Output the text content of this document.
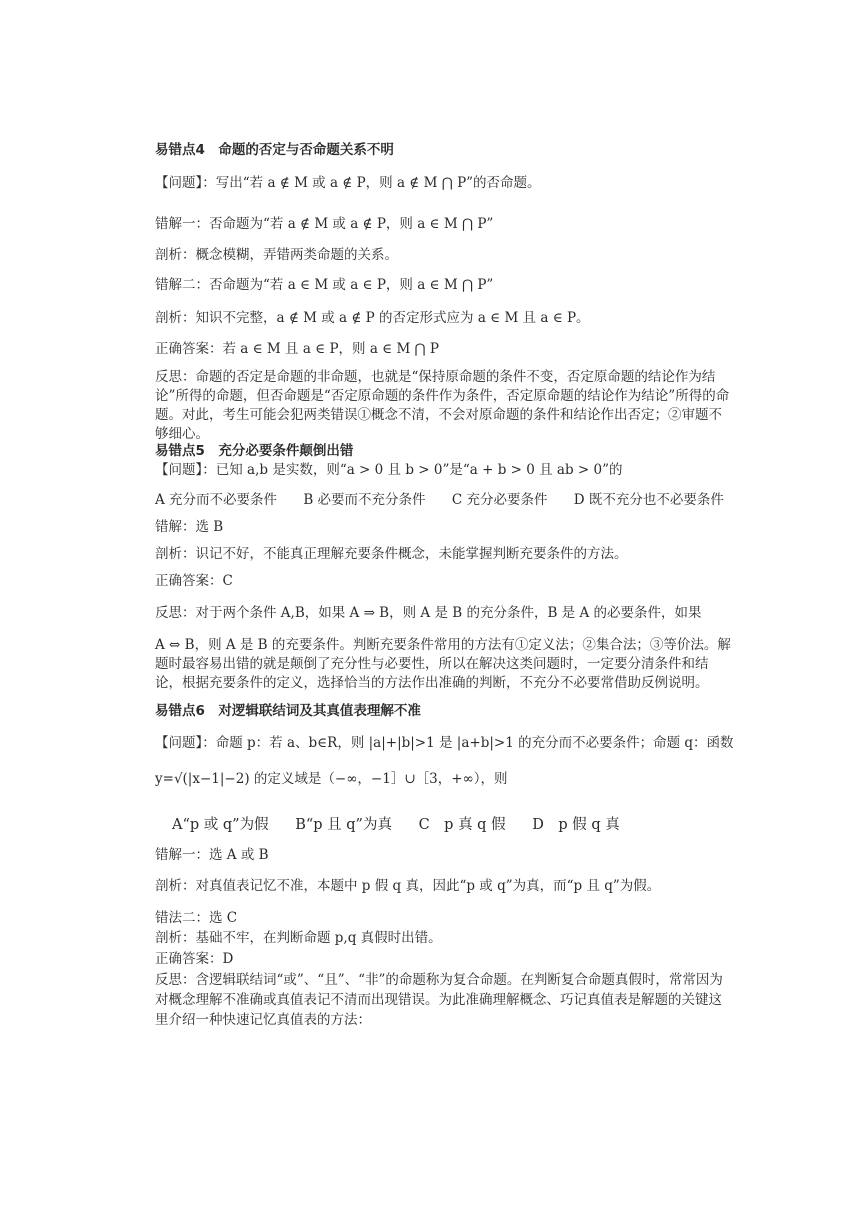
易错点4　命题的否定与否命题关系不明
【问题】：写出“若 a ∉ M 或 a ∉ P，则 a ∉ M ⋂ P”的否命题。
错解一：否命题为“若 a ∉ M 或 a ∉ P，则 a ∈ M ⋂ P”
剖析：概念模糊，弄错两类命题的关系。
错解二：否命题为“若 a ∈ M 或 a ∈ P，则 a ∈ M ⋂ P”
剖析：知识不完整，a ∉ M 或 a ∉ P 的否定形式应为 a ∈ M 且 a ∈ P。
正确答案：若 a ∈ M 且 a ∈ P，则 a ∈ M ⋂ P
反思：命题的否定是命题的非命题，也就是“保持原命题的条件不变，否定原命题的结论作为结论”所得的命题，但否命题是“否定原命题的条件作为条件，否定原命题的结论作为结论”所得的命题。对此，考生可能会犯两类错误①概念不清，不会对原命题的条件和结论作出否定；②审题不够细心。
易错点5　充分必要条件颠倒出错
【问题】：已知 a,b 是实数，则“a > 0 且 b > 0”是“a + b > 0 且 ab > 0”的
A 充分而不必要条件 B 必要而不充分条件 C 充分必要条件 D 既不充分也不必要条件
错解：选 B
剖析：识记不好，不能真正理解充要条件概念，未能掌握判断充要条件的方法。
正确答案：C
反思：对于两个条件 A,B，如果 A ⇒ B，则 A 是 B 的充分条件，B 是 A 的必要条件，如果
A ⇔ B，则 A 是 B 的充要条件。判断充要条件常用的方法有①定义法；②集合法；③等价法。解题时最容易出错的就是颠倒了充分性与必要性，所以在解决这类问题时，一定要分清条件和结论，根据充要条件的定义，选择恰当的方法作出准确的判断，不充分不必要常借助反例说明。
易错点6　对逻辑联结词及其真值表理解不准
【问题】：命题 p：若 a、b∈R，则 |a|+|b|>1 是 |a+b|>1 的充分而不必要条件；命题 q：函数
y=√(|x−1|−2) 的定义域是（−∞，−1］∪［3，+∞），则
A“p 或 q”为假 B“p 且 q”为真 C　p 真 q 假 D　p 假 q 真
错解一：选 A 或 B
剖析：对真值表记忆不准，本题中 p 假 q 真，因此“p 或 q”为真，而“p 且 q”为假。
错法二：选 C
剖析：基础不牢，在判断命题 p,q 真假时出错。
正确答案：D
反思：含逻辑联结词“或”、“且”、“非”的命题称为复合命题。在判断复合命题真假时，常常因为对概念理解不准确或真值表记不清而出现错误。为此准确理解概念、巧记真值表是解题的关键这里介绍一种快速记忆真值表的方法：
